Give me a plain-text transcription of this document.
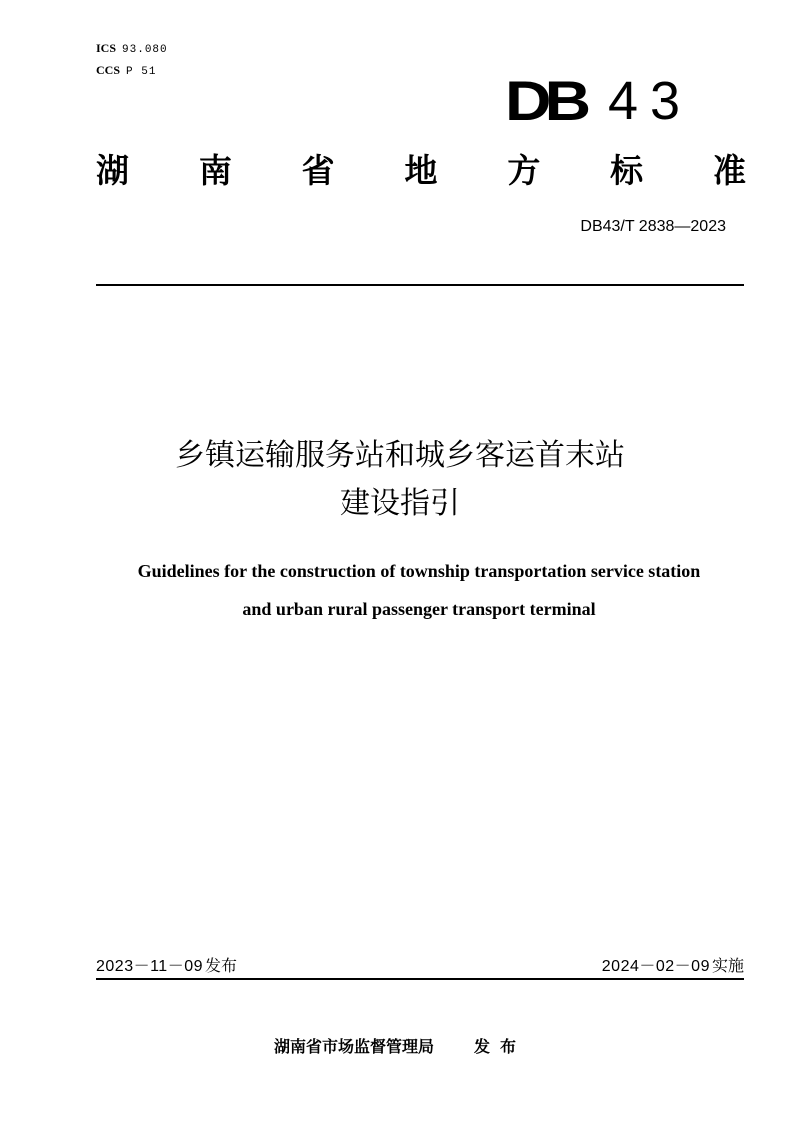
ICS 93.080
CCS P 51	DB 43
湖 南 省 地 方 标 准
DB43/T 2838—2023
乡镇运输服务站和城乡客运首末站
建设指引
Guidelines for the construction of township transportation service station
and urban rural passenger transport terminal
2023－11－09 发布	2024－02－09 实施
湖南省市场监督管理局	发布
